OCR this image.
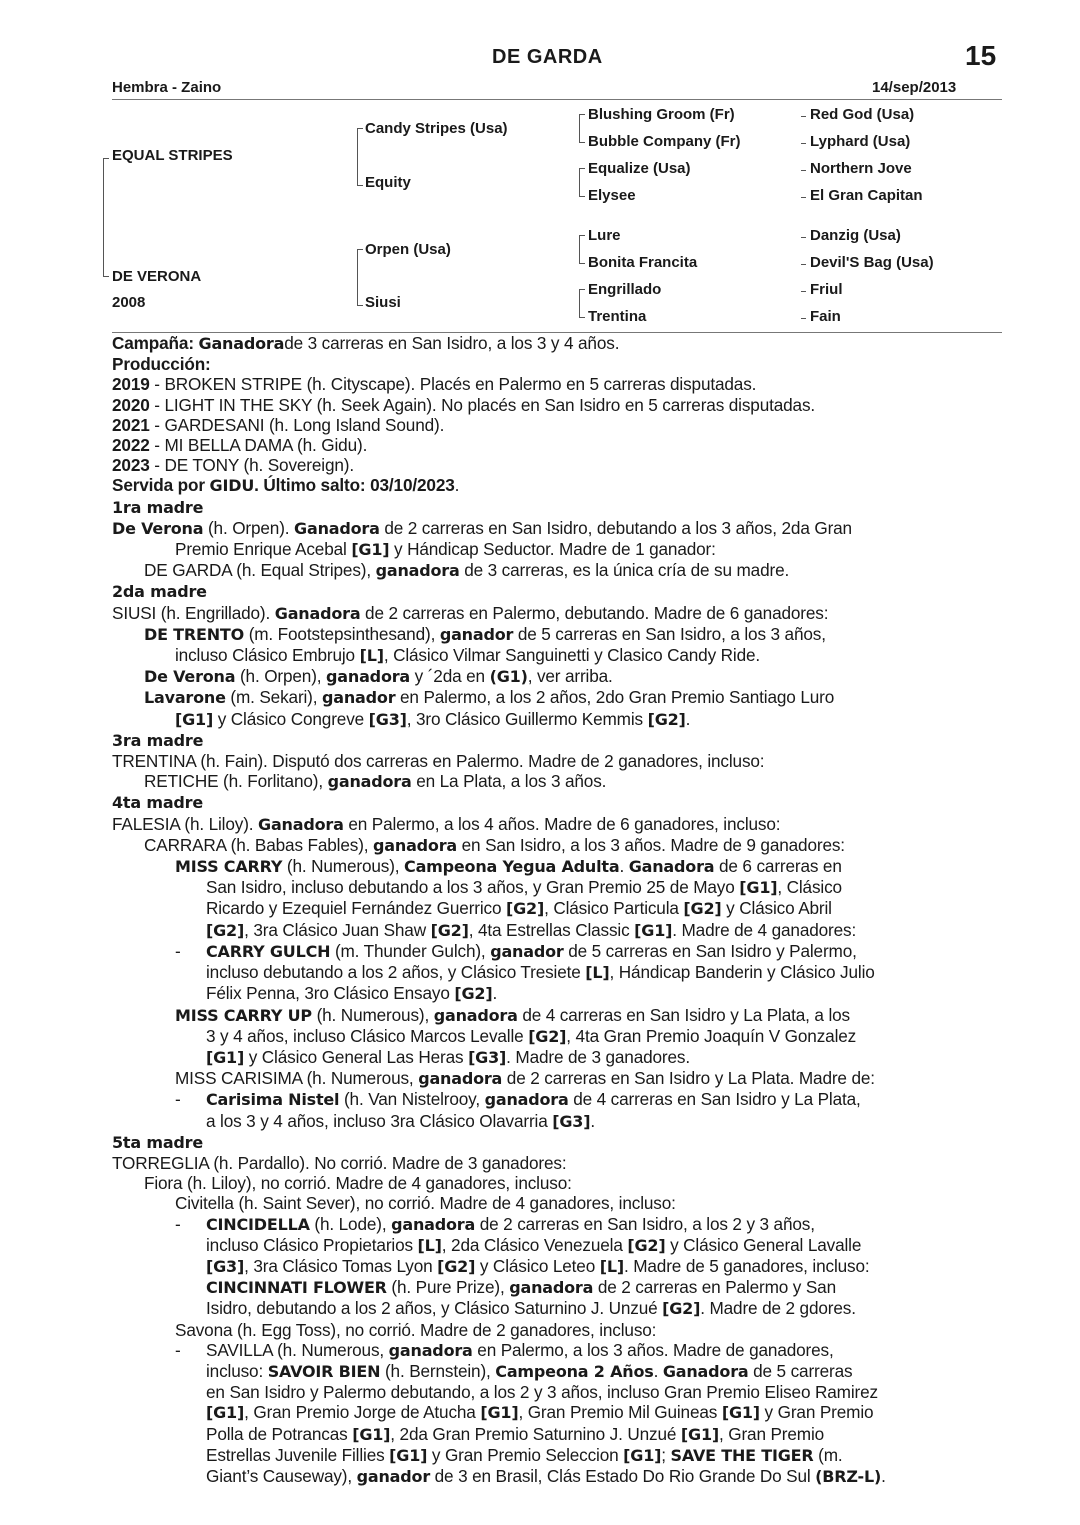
DE GARDA	15
Hembra - Zaino	14/sep/2013
EQUAL STRIPES
DE VERONA
2008
Candy Stripes (Usa)
Equity
Orpen (Usa)
Siusi
Blushing Groom (Fr)
Bubble Company (Fr)
Equalize (Usa)
Elysee
Lure
Bonita Francita
Engrillado
Trentina
Red God (Usa)
Lyphard (Usa)
Northern Jove
El Gran Capitan
Danzig (Usa)
Devil'S Bag (Usa)
Friul
Fain
Campaña: Ganadorade 3 carreras en San Isidro, a los 3 y 4 años.
Producción:
2019 - BROKEN STRIPE (h. Cityscape). Placés en Palermo en 5 carreras disputadas.
2020 - LIGHT IN THE SKY (h. Seek Again). No placés en San Isidro en 5 carreras disputadas.
2021 - GARDESANI (h. Long Island Sound).
2022 - MI BELLA DAMA (h. Gidu).
2023 - DE TONY (h. Sovereign).
Servida por GIDU. Último salto: 03/10/2023.
1ra madre
De Verona (h. Orpen). Ganadora de 2 carreras en San Isidro, debutando a los 3 años, 2da Gran
Premio Enrique Acebal [G1] y Hándicap Seductor. Madre de 1 ganador:
DE GARDA (h. Equal Stripes), ganadora de 3 carreras, es la única cría de su madre.
2da madre
SIUSI (h. Engrillado). Ganadora de 2 carreras en Palermo, debutando. Madre de 6 ganadores:
DE TRENTO (m. Footstepsinthesand), ganador de 5 carreras en San Isidro, a los 3 años,
incluso Clásico Embrujo [L], Clásico Vilmar Sanguinetti y Clasico Candy Ride.
De Verona (h. Orpen), ganadora y ´2da en (G1), ver arriba.
Lavarone (m. Sekari), ganador en Palermo, a los 2 años, 2do Gran Premio Santiago Luro
[G1] y Clásico Congreve [G3], 3ro Clásico Guillermo Kemmis [G2].
3ra madre
TRENTINA (h. Fain). Disputó dos carreras en Palermo. Madre de 2 ganadores, incluso:
RETICHE (h. Forlitano), ganadora en La Plata, a los 3 años.
4ta madre
FALESIA (h. Liloy). Ganadora en Palermo, a los 4 años. Madre de 6 ganadores, incluso:
CARRARA (h. Babas Fables), ganadora en San Isidro, a los 3 años. Madre de 9 ganadores:
MISS CARRY (h. Numerous), Campeona Yegua Adulta. Ganadora de 6 carreras en
San Isidro, incluso debutando a los 3 años, y Gran Premio 25 de Mayo [G1], Clásico
Ricardo y Ezequiel Fernández Guerrico [G2], Clásico Particula [G2] y Clásico Abril
[G2], 3ra Clásico Juan Shaw [G2], 4ta Estrellas Classic [G1]. Madre de 4 ganadores:
- CARRY GULCH (m. Thunder Gulch), ganador de 5 carreras en San Isidro y Palermo,
incluso debutando a los 2 años, y Clásico Tresiete [L], Hándicap Banderin y Clásico Julio
Félix Penna, 3ro Clásico Ensayo [G2].
MISS CARRY UP (h. Numerous), ganadora de 4 carreras en San Isidro y La Plata, a los
3 y 4 años, incluso Clásico Marcos Levalle [G2], 4ta Gran Premio Joaquín V Gonzalez
[G1] y Clásico General Las Heras [G3]. Madre de 3 ganadores.
MISS CARISIMA (h. Numerous, ganadora de 2 carreras en San Isidro y La Plata. Madre de:
- Carisima Nistel (h. Van Nistelrooy, ganadora de 4 carreras en San Isidro y La Plata,
a los 3 y 4 años, incluso 3ra Clásico Olavarria [G3].
5ta madre
TORREGLIA (h. Pardallo). No corrió. Madre de 3 ganadores:
Fiora (h. Liloy), no corrió. Madre de 4 ganadores, incluso:
Civitella (h. Saint Sever), no corrió. Madre de 4 ganadores, incluso:
- CINCIDELLA (h. Lode), ganadora de 2 carreras en San Isidro, a los 2 y 3 años,
incluso Clásico Propietarios [L], 2da Clásico Venezuela [G2] y Clásico General Lavalle
[G3], 3ra Clásico Tomas Lyon [G2] y Clásico Leteo [L]. Madre de 5 ganadores, incluso:
CINCINNATI FLOWER (h. Pure Prize), ganadora de 2 carreras en Palermo y San
Isidro, debutando a los 2 años, y Clásico Saturnino J. Unzué [G2]. Madre de 2 gdores.
Savona (h. Egg Toss), no corrió. Madre de 2 ganadores, incluso:
- SAVILLA (h. Numerous, ganadora en Palermo, a los 3 años. Madre de ganadores,
incluso: SAVOIR BIEN (h. Bernstein), Campeona 2 Años. Ganadora de 5 carreras
en San Isidro y Palermo debutando, a los 2 y 3 años, incluso Gran Premio Eliseo Ramirez
[G1], Gran Premio Jorge de Atucha [G1], Gran Premio Mil Guineas [G1] y Gran Premio
Polla de Potrancas [G1], 2da Gran Premio Saturnino J. Unzué [G1], Gran Premio
Estrellas Juvenile Fillies [G1] y Gran Premio Seleccion [G1]; SAVE THE TIGER (m.
Giant’s Causeway), ganador de 3 en Brasil, Clás Estado Do Rio Grande Do Sul (BRZ-L).
